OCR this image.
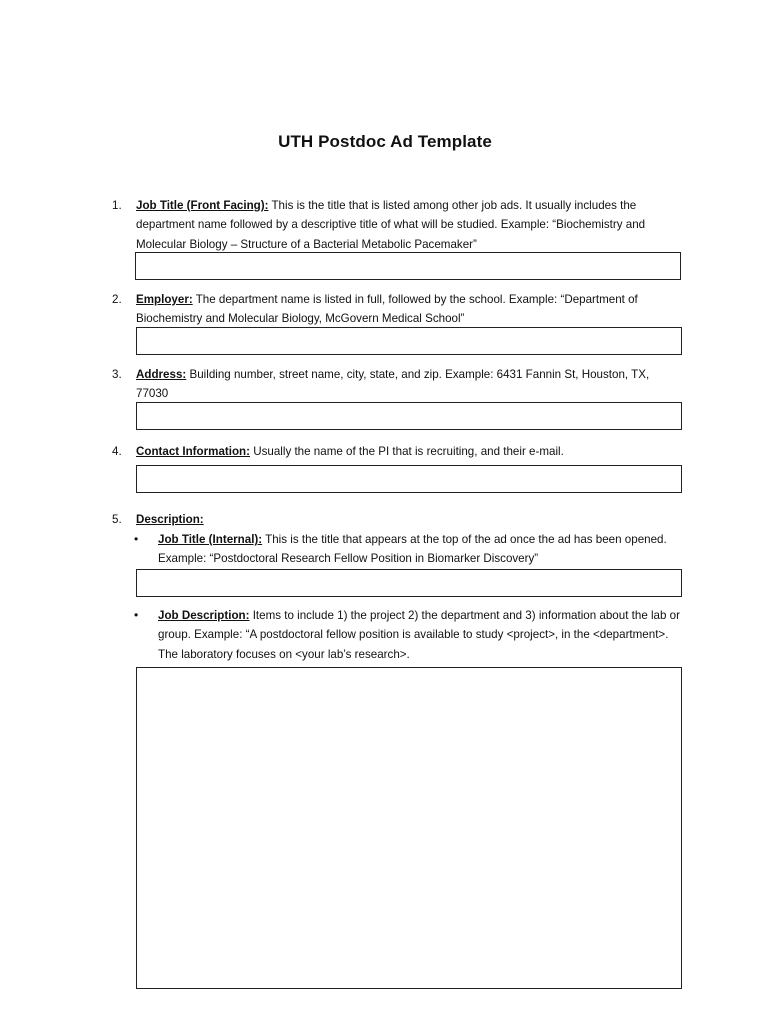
UTH Postdoc Ad Template
1. Job Title (Front Facing): This is the title that is listed among other job ads. It usually includes the department name followed by a descriptive title of what will be studied. Example: “Biochemistry and Molecular Biology – Structure of a Bacterial Metabolic Pacemaker”
2. Employer: The department name is listed in full, followed by the school. Example: “Department of Biochemistry and Molecular Biology, McGovern Medical School”
3. Address: Building number, street name, city, state, and zip. Example: 6431 Fannin St, Houston, TX, 77030
4. Contact Information: Usually the name of the PI that is recruiting, and their e-mail.
5. Description:
• Job Title (Internal): This is the title that appears at the top of the ad once the ad has been opened. Example: “Postdoctoral Research Fellow Position in Biomarker Discovery”
• Job Description: Items to include 1) the project 2) the department and 3) information about the lab or group. Example: “A postdoctoral fellow position is available to study <project>, in the <department>. The laboratory focuses on <your lab’s research>.
